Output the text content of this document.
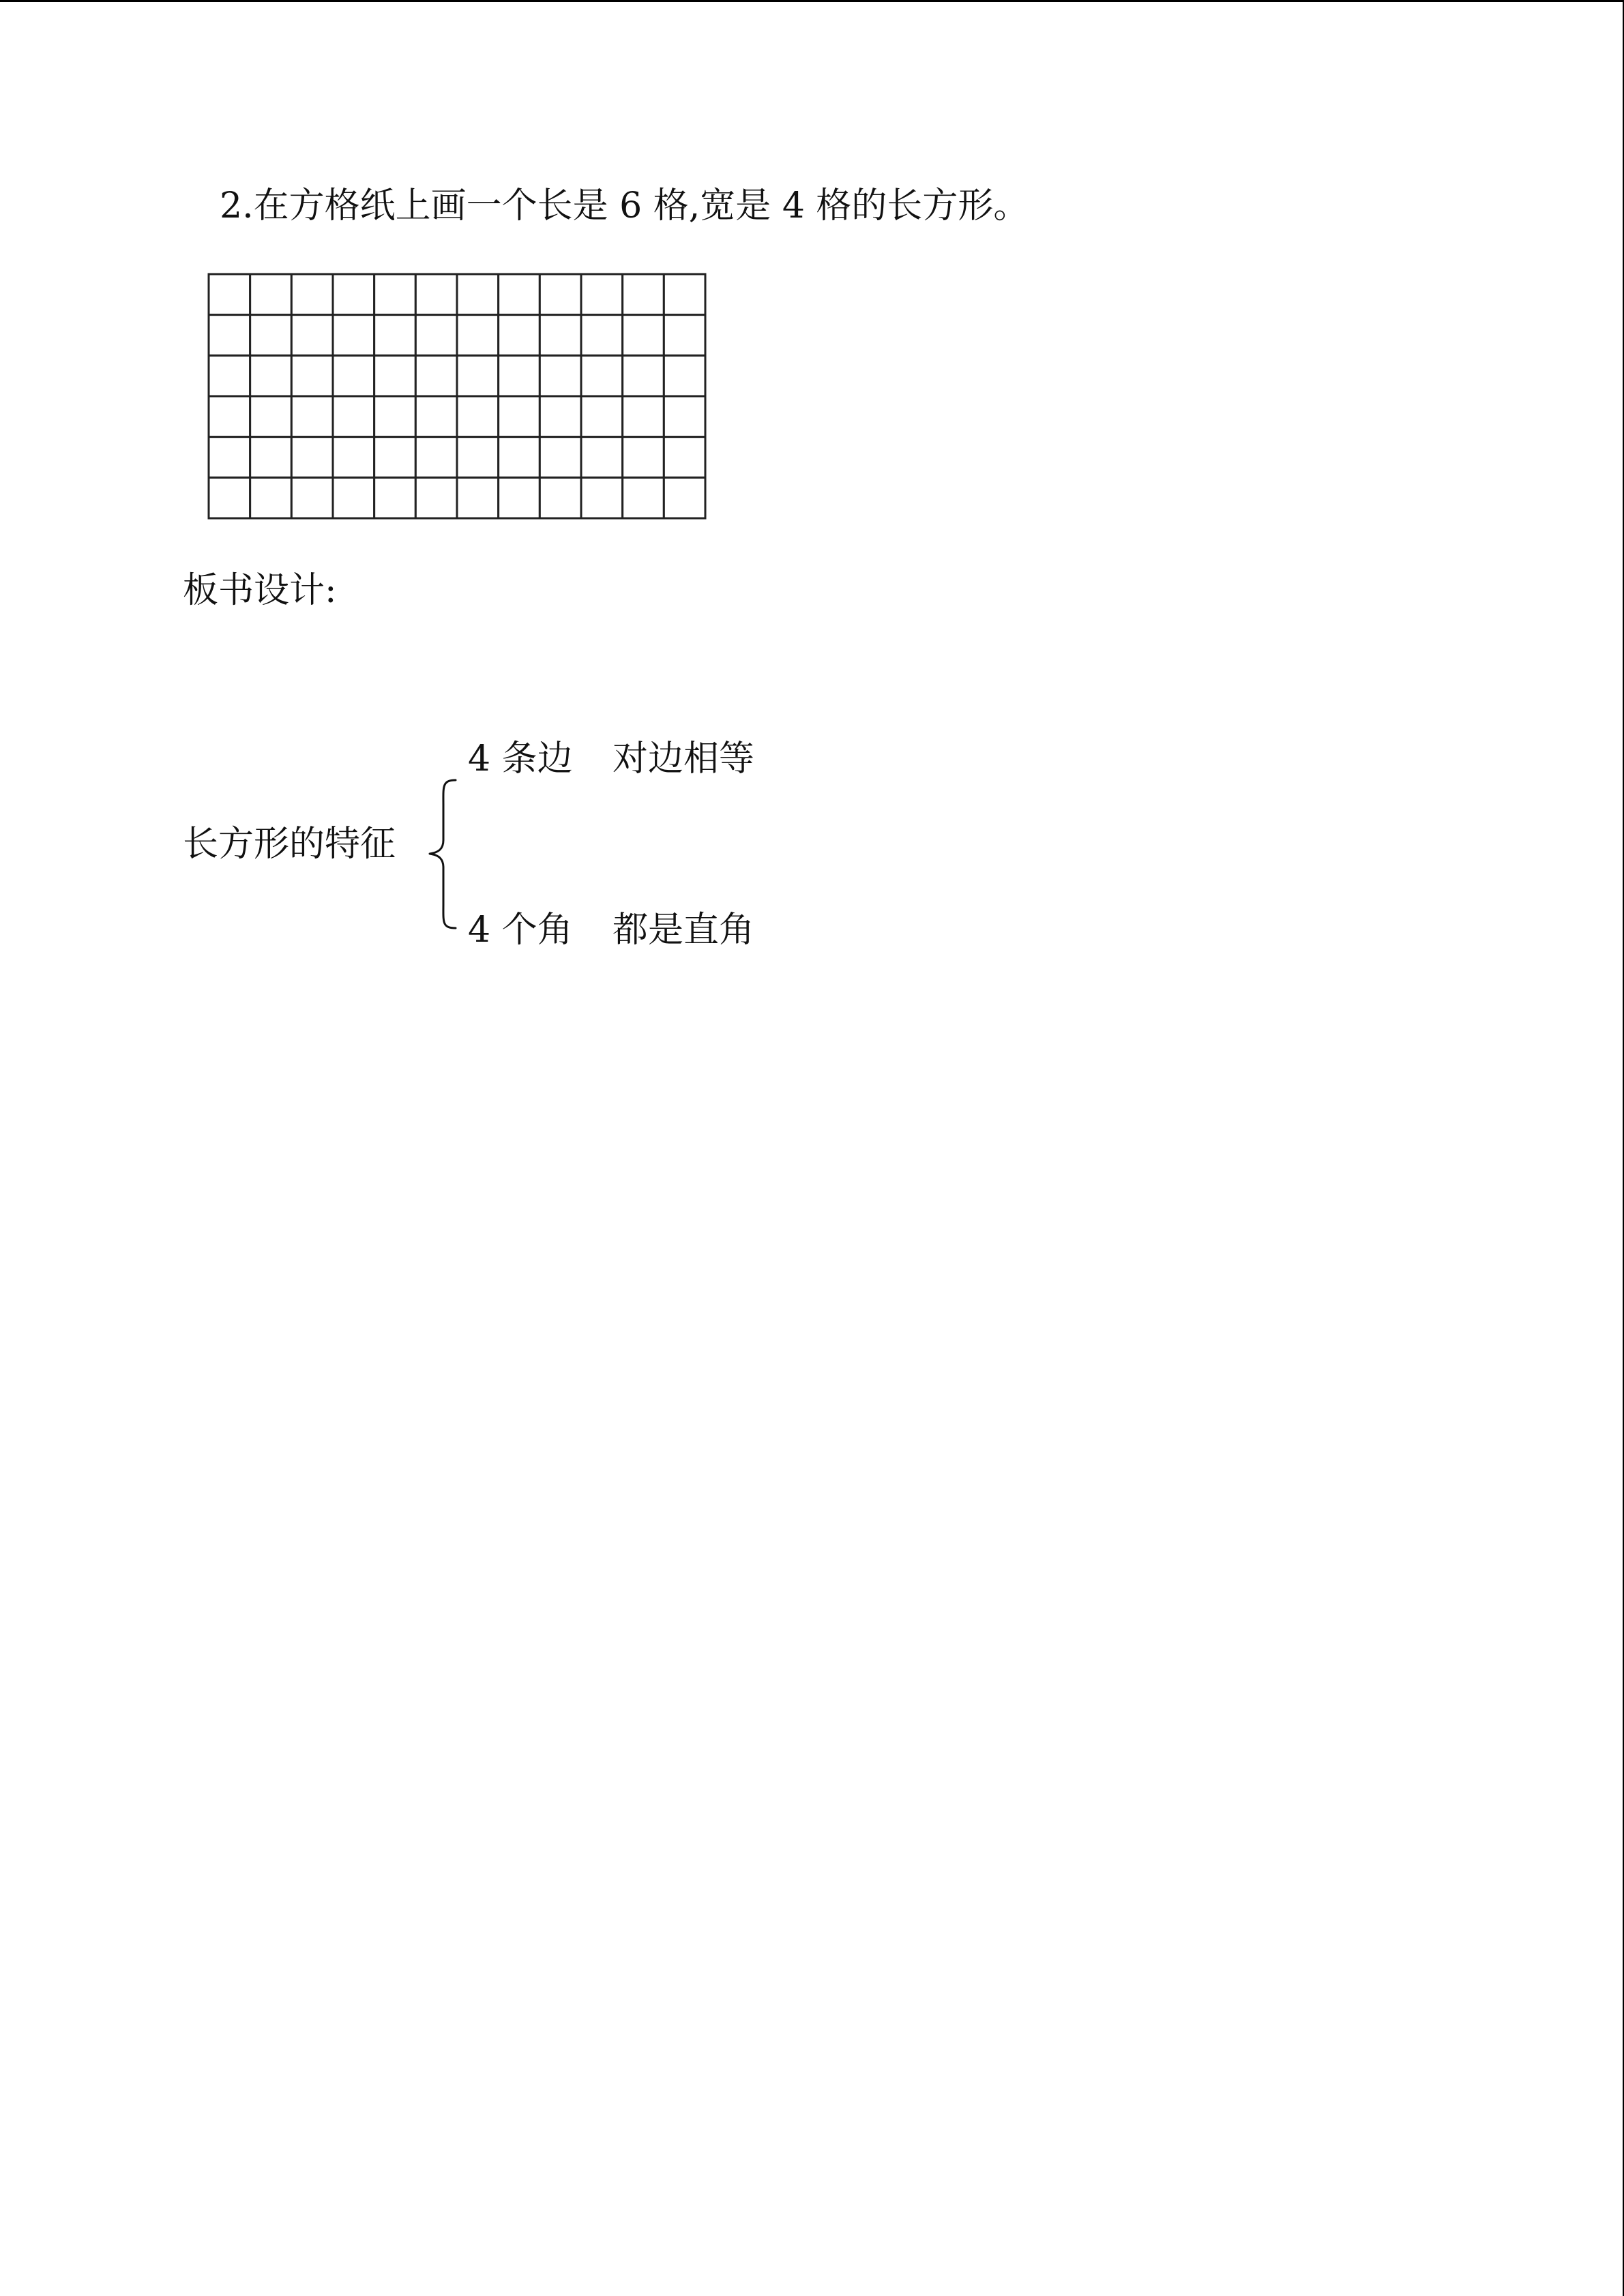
2.在方格纸上画一个长是 6 格,宽是 4 格的长方形。
板书设计:
长方形的特征
4 条边 对边相等
4 个角 都是直角
